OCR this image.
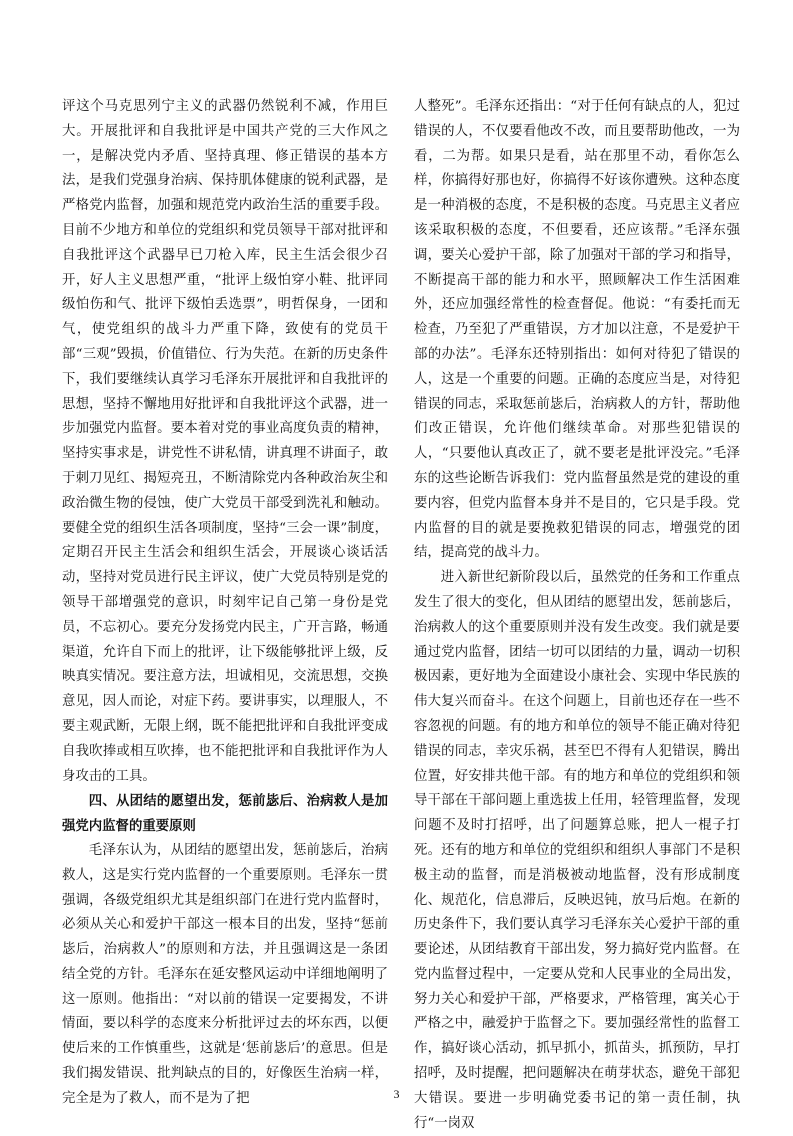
评这个马克思列宁主义的武器仍然锐利不减，作用巨大。开展批评和自我批评是中国共产党的三大作风之一，是解决党内矛盾、坚持真理、修正错误的基本方法，是我们党强身治病、保持肌体健康的锐利武器，是严格党内监督，加强和规范党内政治生活的重要手段。目前不少地方和单位的党组织和党员领导干部对批评和自我批评这个武器早已刀枪入库，民主生活会很少召开，好人主义思想严重，“批评上级怕穿小鞋、批评同级怕伤和气、批评下级怕丢选票”，明哲保身，一团和气，使党组织的战斗力严重下降，致使有的党员干部“三观”毁损，价值错位、行为失范。在新的历史条件下，我们要继续认真学习毛泽东开展批评和自我批评的思想，坚持不懈地用好批评和自我批评这个武器，进一步加强党内监督。要本着对党的事业高度负责的精神，坚持实事求是，讲党性不讲私情，讲真理不讲面子，敢于刺刀见红、揭短亮丑，不断清除党内各种政治灰尘和政治微生物的侵蚀，使广大党员干部受到洗礼和触动。要健全党的组织生活各项制度，坚持“三会一课”制度，定期召开民主生活会和组织生活会，开展谈心谈话活动，坚持对党员进行民主评议，使广大党员特别是党的领导干部增强党的意识，时刻牢记自己第一身份是党员，不忘初心。要充分发扬党内民主，广开言路，畅通渠道，允许自下而上的批评，让下级能够批评上级，反映真实情况。要注意方法，坦诚相见，交流思想，交换意见，因人而论，对症下药。要讲事实，以理服人，不要主观武断，无限上纲，既不能把批评和自我批评变成自我吹捧或相互吹捧，也不能把批评和自我批评作为人身攻击的工具。

四、从团结的愿望出发，惩前毖后、治病救人是加强党内监督的重要原则

毛泽东认为，从团结的愿望出发，惩前毖后，治病救人，这是实行党内监督的一个重要原则。毛泽东一贯强调，各级党组织尤其是组织部门在进行党内监督时，必须从关心和爱护干部这一根本目的出发，坚持“惩前毖后，治病救人”的原则和方法，并且强调这是一条团结全党的方针。毛泽东在延安整风运动中详细地阐明了这一原则。他指出：“对以前的错误一定要揭发，不讲情面，要以科学的态度来分析批评过去的坏东西，以便使后来的工作慎重些，这就是‘惩前毖后’的意思。但是我们揭发错误、批判缺点的目的，好像医生治病一样，完全是为了救人，而不是为了把

人整死”。毛泽东还指出：“对于任何有缺点的人，犯过错误的人，不仅要看他改不改，而且要帮助他改，一为看，二为帮。如果只是看，站在那里不动，看你怎么样，你搞得好那也好，你搞得不好该你遭殃。这种态度是一种消极的态度，不是积极的态度。马克思主义者应该采取积极的态度，不但要看，还应该帮。”毛泽东强调，要关心爱护干部，除了加强对干部的学习和指导，不断提高干部的能力和水平，照顾解决工作生活困难外，还应加强经常性的检查督促。他说：“有委托而无检查，乃至犯了严重错误，方才加以注意，不是爱护干部的办法”。毛泽东还特别指出：如何对待犯了错误的人，这是一个重要的问题。正确的态度应当是，对待犯错误的同志，采取惩前毖后，治病救人的方针，帮助他们改正错误，允许他们继续革命。对那些犯错误的人，“只要他认真改正了，就不要老是批评没完。”毛泽东的这些论断告诉我们：党内监督虽然是党的建设的重要内容，但党内监督本身并不是目的，它只是手段。党内监督的目的就是要挽救犯错误的同志，增强党的团结，提高党的战斗力。

进入新世纪新阶段以后，虽然党的任务和工作重点发生了很大的变化，但从团结的愿望出发，惩前毖后，治病救人的这个重要原则并没有发生改变。我们就是要通过党内监督，团结一切可以团结的力量，调动一切积极因素，更好地为全面建设小康社会、实现中华民族的伟大复兴而奋斗。在这个问题上，目前也还存在一些不容忽视的问题。有的地方和单位的领导不能正确对待犯错误的同志，幸灾乐祸，甚至巴不得有人犯错误，腾出位置，好安排共他干部。有的地方和单位的党组织和领导干部在干部问题上重选拔上任用，轻管理监督，发现问题不及时打招呼，出了问题算总账，把人一棍子打死。还有的地方和单位的党组织和组织人事部门不是积极主动的监督，而是消极被动地监督，没有形成制度化、规范化，信息滞后，反映迟钝，放马后炮。在新的历史条件下，我们要认真学习毛泽东关心爱护干部的重要论述，从团结教育干部出发，努力搞好党内监督。在党内监督过程中，一定要从党和人民事业的全局出发，努力关心和爱护干部，严格要求，严格管理，寓关心于严格之中，融爱护于监督之下。要加强经常性的监督工作，搞好谈心活动，抓早抓小，抓苗头，抓预防，早打招呼，及时提醒，把问题解决在萌芽状态，避免干部犯大错误。要进一步明确党委书记的第一责任制，执行“一岗双

3
